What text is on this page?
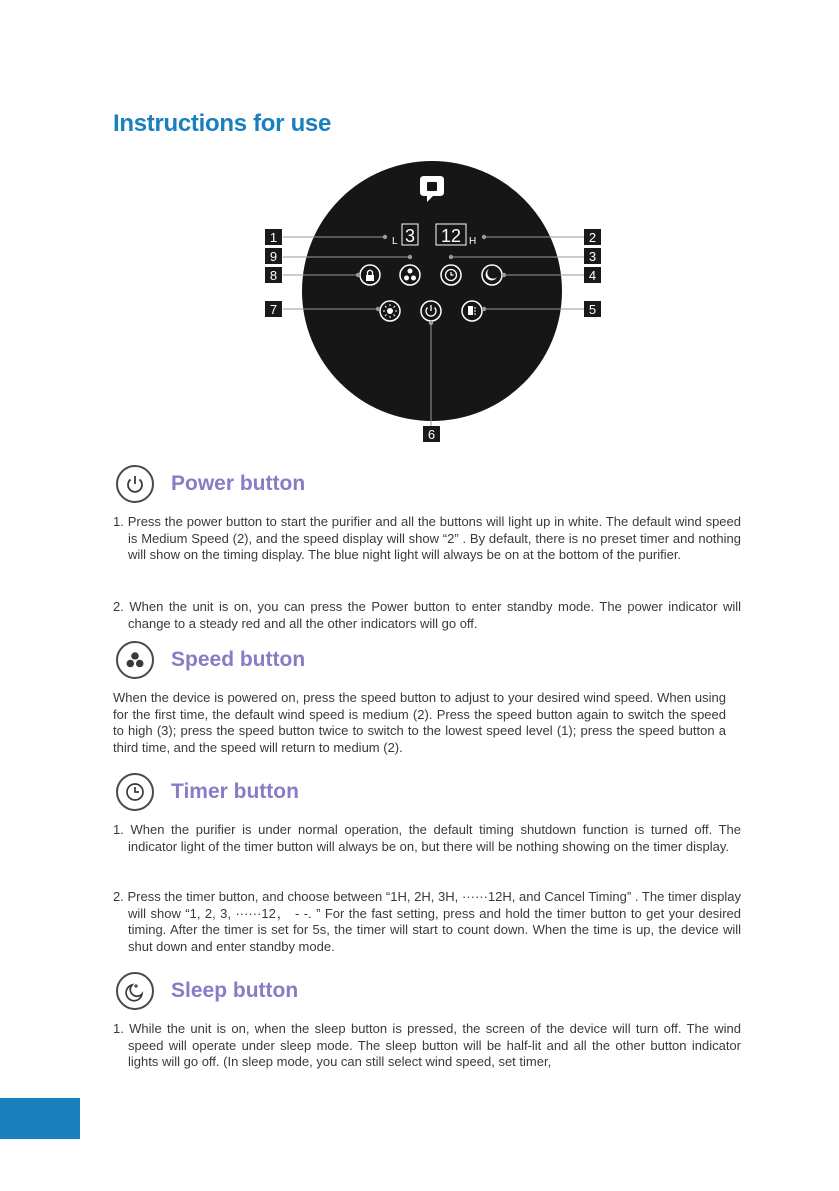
Instructions for use
L 3 12 H
1
9
8
7
2
3
4
5
6
Power button

1. Press the power button to start the purifier and all the buttons will light up in white. The default wind speed is Medium Speed (2), and the speed display will show “2” . By default, there is no preset timer and nothing will show on the timing display. The blue night light will always be on at the bottom of the purifier.

2. When the unit is on, you can press the Power button to enter standby mode. The power indicator will change to a steady red and all the other indicators will go off.

Speed button

When the device is powered on, press the speed button to adjust to your desired wind speed. When using for the first time, the default wind speed is medium (2). Press the speed button again to switch the speed to high (3); press the speed button twice to switch to the lowest speed level (1); press the speed button a third time, and the speed will return to medium (2).

Timer button

1. When the purifier is under normal operation, the default timing shutdown function is turned off. The indicator light of the timer button will always be on, but there will be nothing showing on the timer display.

2. Press the timer button, and choose between “1H, 2H, 3H, ······12H, and Cancel Timing” . The timer display will show “1, 2, 3, ······12， - -. ” For the fast setting, press and hold the timer button to get your desired timing. After the timer is set for 5s, the timer will start to count down. When the time is up, the device will shut down and enter standby mode.

Sleep button

1. While the unit is on, when the sleep button is pressed, the screen of the device will turn off. The wind speed will operate under sleep mode. The sleep button will be half-lit and all the other button indicator lights will go off. (In sleep mode, you can still select wind speed, set timer,
